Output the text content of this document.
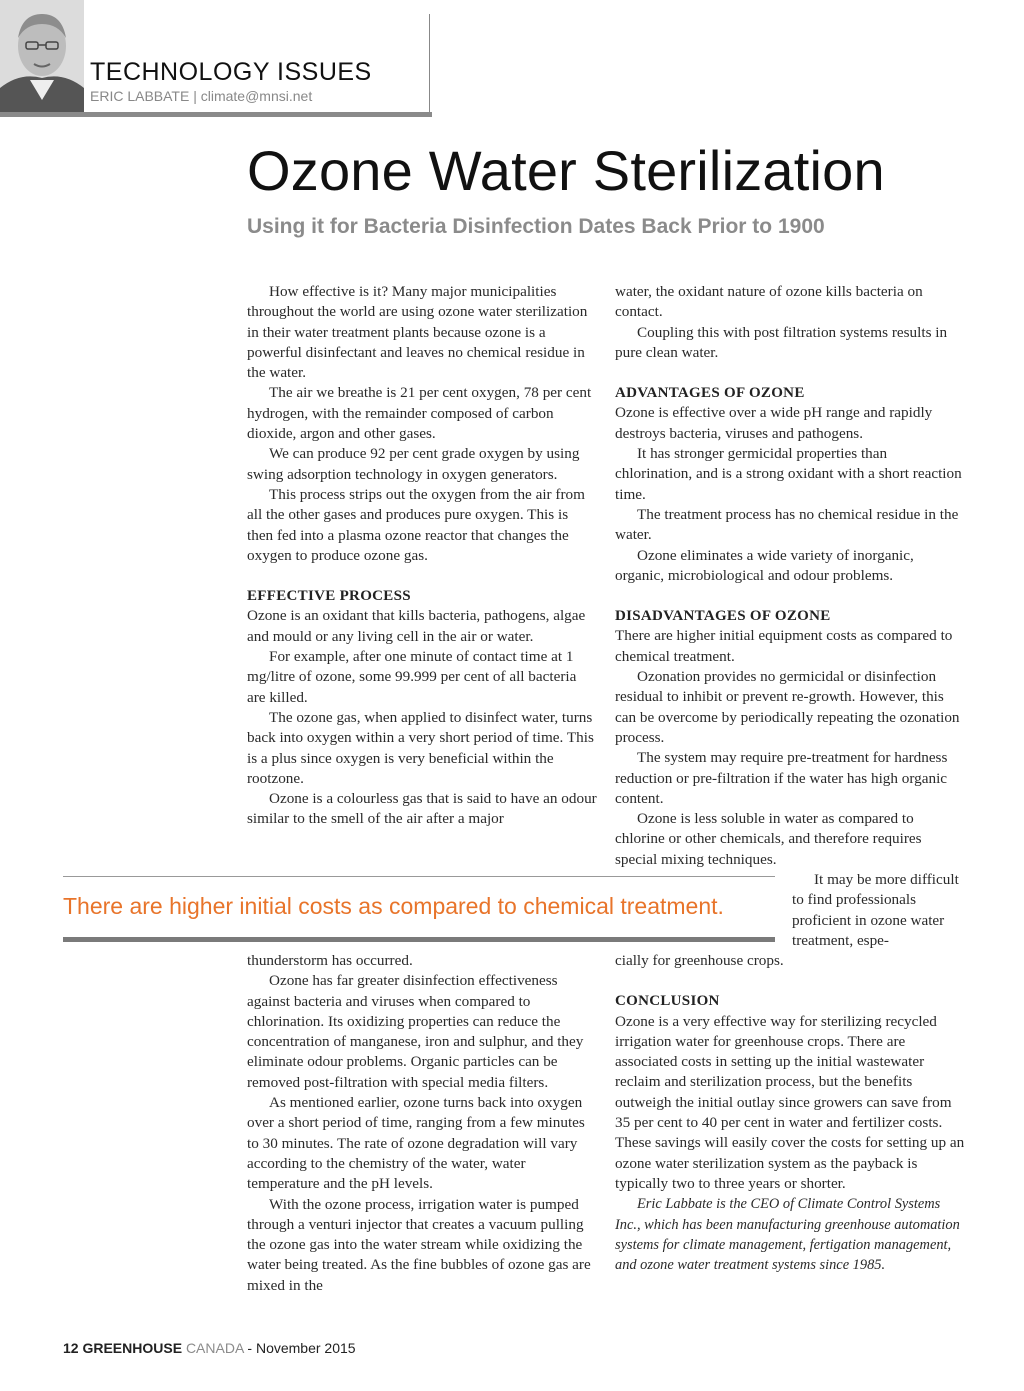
TECHNOLOGY ISSUES
ERIC LABBATE | climate@mnsi.net
Ozone Water Sterilization
Using it for Bacteria Disinfection Dates Back Prior to 1900

How effective is it? Many major municipalities throughout the world are using ozone water sterilization in their water treatment plants because ozone is a powerful disinfectant and leaves no chemical residue in the water.

The air we breathe is 21 per cent oxygen, 78 per cent hydrogen, with the remainder composed of carbon dioxide, argon and other gases.

We can produce 92 per cent grade oxygen by using swing adsorption technology in oxygen generators.

This process strips out the oxygen from the air from all the other gases and produces pure oxygen. This is then fed into a plasma ozone reactor that changes the oxygen to produce ozone gas.

EFFECTIVE PROCESS

Ozone is an oxidant that kills bacteria, pathogens, algae and mould or any living cell in the air or water.

For example, after one minute of contact time at 1 mg/litre of ozone, some 99.999 per cent of all bacteria are killed.

The ozone gas, when applied to disinfect water, turns back into oxygen within a very short period of time. This is a plus since oxygen is very beneficial within the rootzone.

Ozone is a colourless gas that is said to have an odour similar to the smell of the air after a major

There are higher initial costs as compared to chemical treatment.

thunderstorm has occurred.

Ozone has far greater disinfection effectiveness against bacteria and viruses when compared to chlorination. Its oxidizing properties can reduce the concentration of manganese, iron and sulphur, and they eliminate odour problems. Organic particles can be removed post-filtration with special media filters.

As mentioned earlier, ozone turns back into oxygen over a short period of time, ranging from a few minutes to 30 minutes. The rate of ozone degradation will vary according to the chemistry of the water, water temperature and the pH levels.

With the ozone process, irrigation water is pumped through a venturi injector that creates a vacuum pulling the ozone gas into the water stream while oxidizing the water being treated. As the fine bubbles of ozone gas are mixed in the

water, the oxidant nature of ozone kills bacteria on contact.

Coupling this with post filtration systems results in pure clean water.

ADVANTAGES OF OZONE

Ozone is effective over a wide pH range and rapidly destroys bacteria, viruses and pathogens.

It has stronger germicidal properties than chlorination, and is a strong oxidant with a short reaction time.

The treatment process has no chemical residue in the water.

Ozone eliminates a wide variety of inorganic, organic, microbiological and odour problems.

DISADVANTAGES OF OZONE

There are higher initial equipment costs as compared to chemical treatment.

Ozonation provides no germicidal or disinfection residual to inhibit or prevent re-growth. However, this can be overcome by periodically repeating the ozonation process.

The system may require pre-treatment for hardness reduction or pre-filtration if the water has high organic content.

Ozone is less soluble in water as compared to chlorine or other chemicals, and therefore requires special mixing techniques.

It may be more difficult to find professionals proficient in ozone water treatment, espe-

cially for greenhouse crops.

CONCLUSION

Ozone is a very effective way for sterilizing recycled irrigation water for greenhouse crops. There are associated costs in setting up the initial wastewater reclaim and sterilization process, but the benefits outweigh the initial outlay since growers can save from 35 per cent to 40 per cent in water and fertilizer costs. These savings will easily cover the costs for setting up an ozone water sterilization system as the payback is typically two to three years or shorter.

Eric Labbate is the CEO of Climate Control Systems Inc., which has been manufacturing greenhouse automation systems for climate management, fertigation management, and ozone water treatment systems since 1985.

12 GREENHOUSE CANADA - November 2015
